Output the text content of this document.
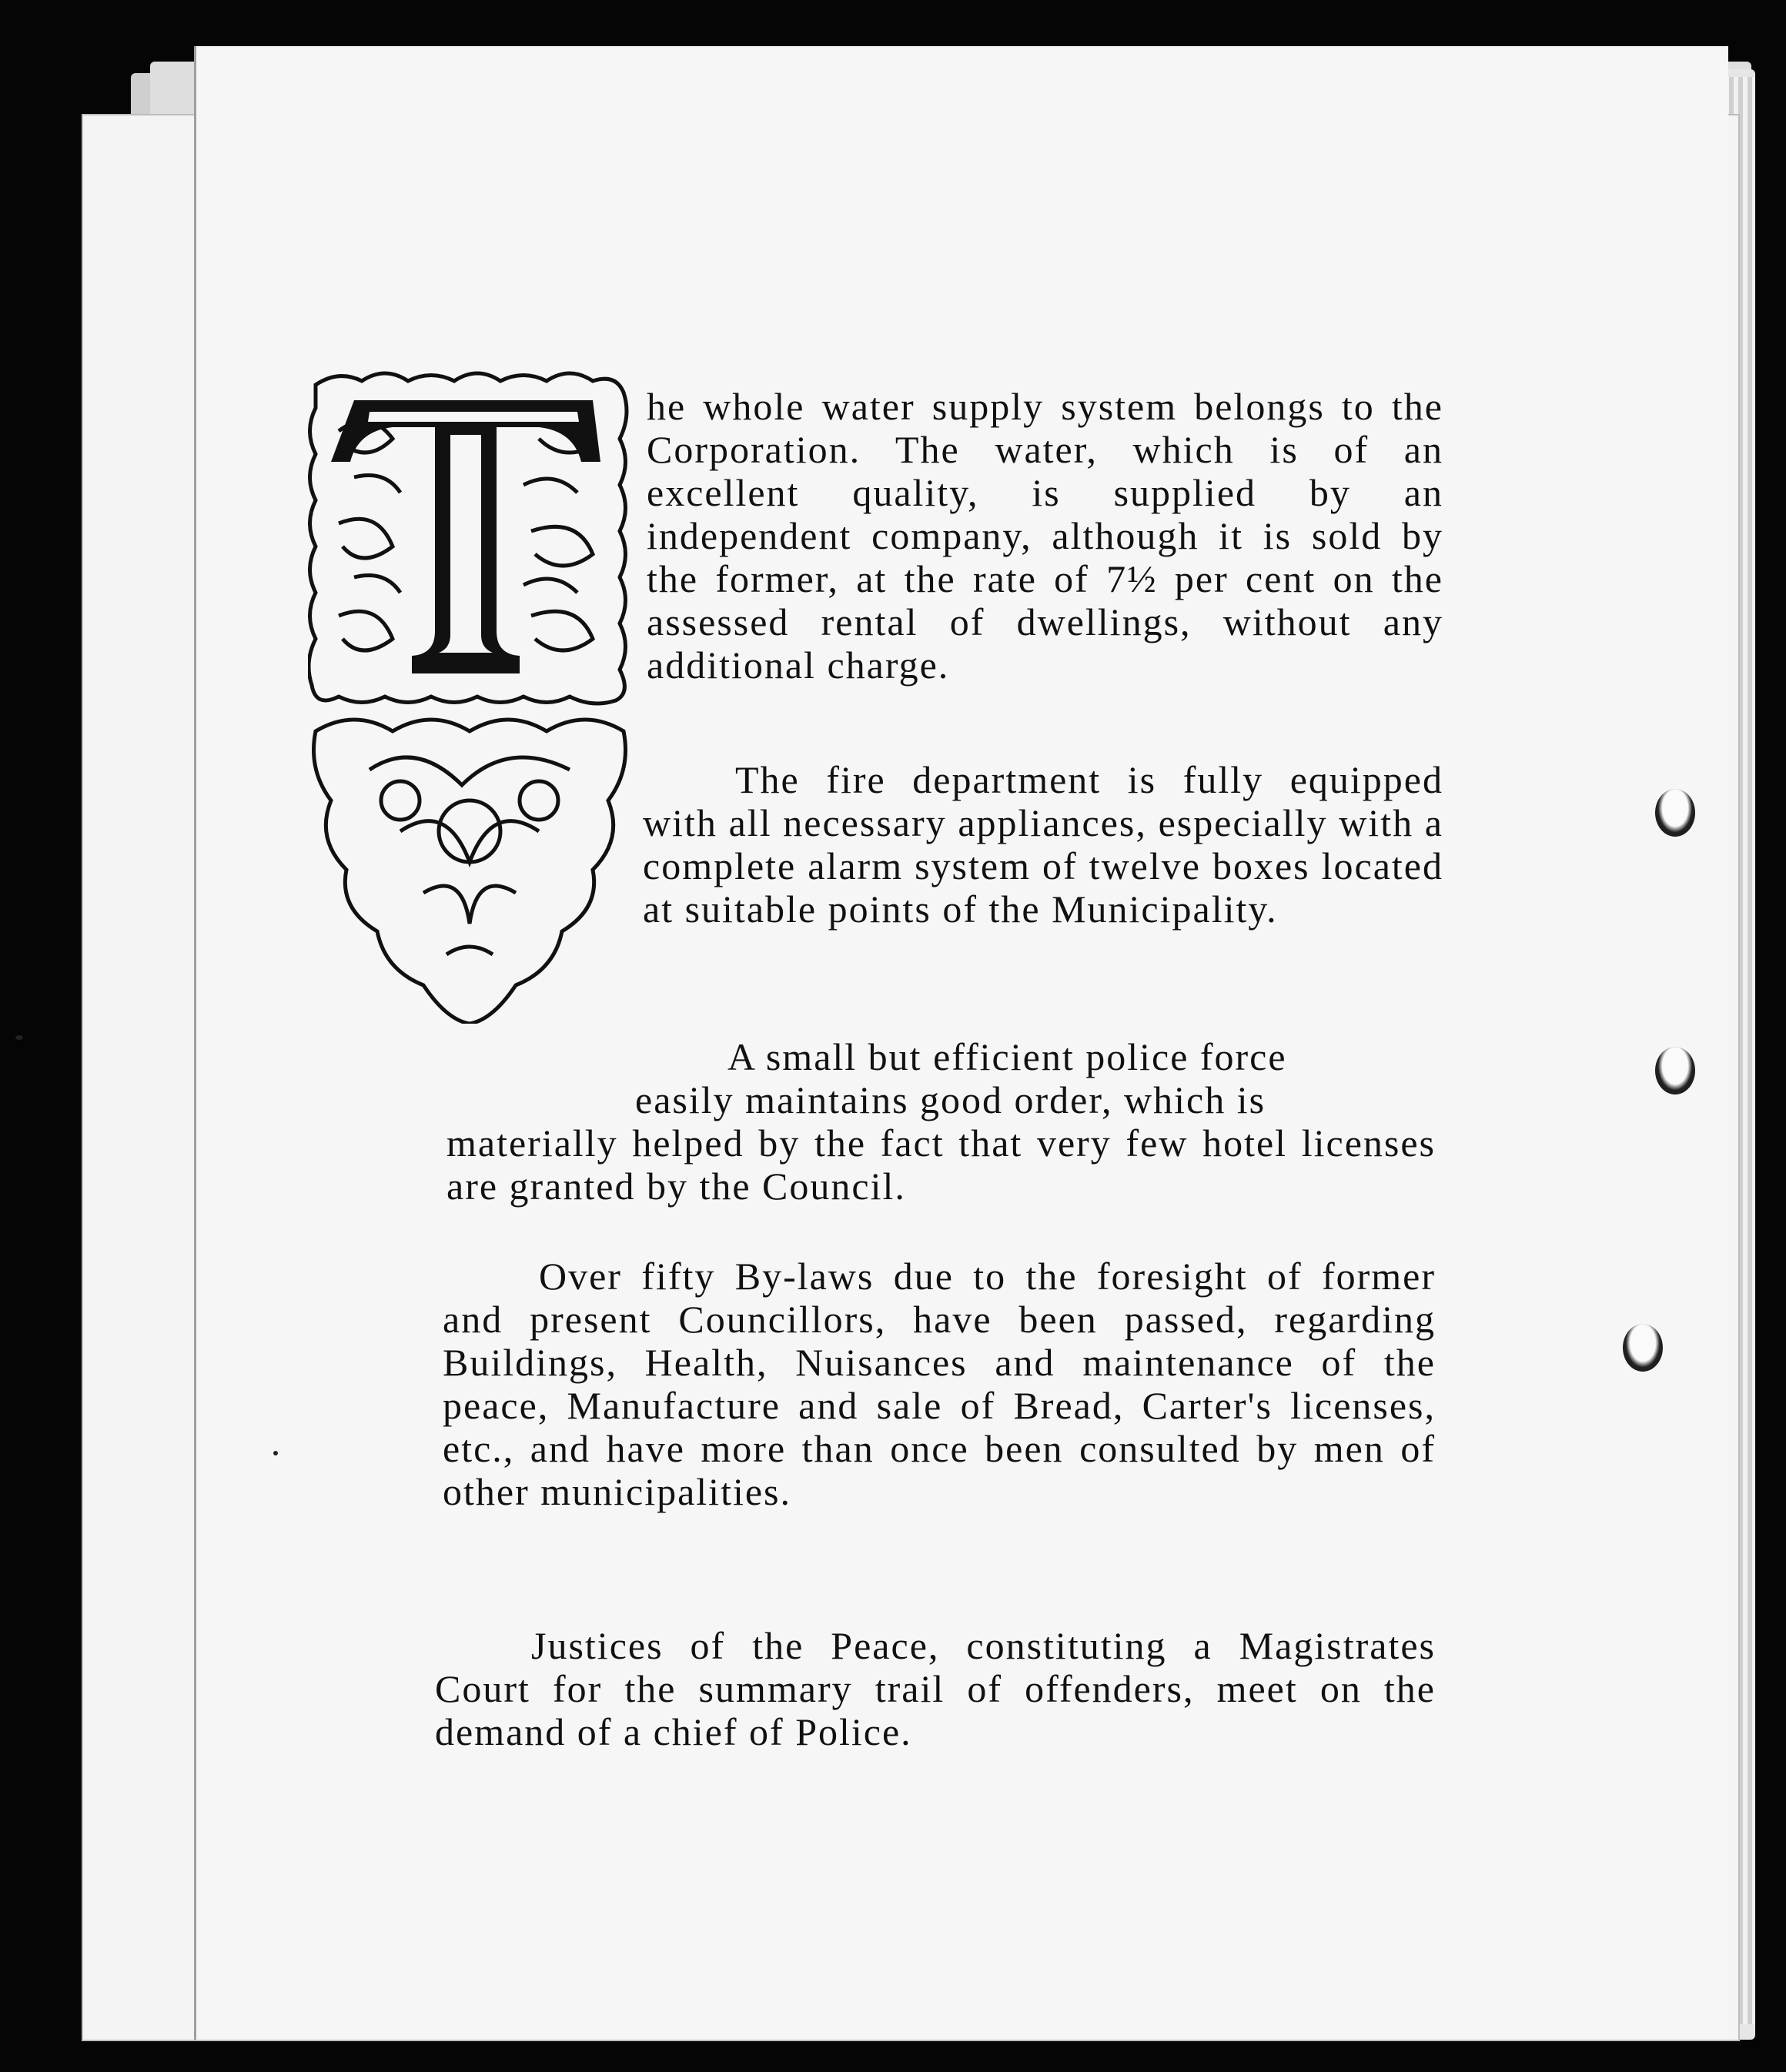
he whole water supply system belongs to the Corporation. The water, which is of an excellent quality, is supplied by an independent company, although it is sold by the former, at the rate of 7½ per cent on the assessed rental of dwellings, without any additional charge.

The fire department is fully equipped with all necessary appliances, especially with a complete alarm system of twelve boxes located at suitable points of the Municipality.

A small but efficient police force
easily maintains good order, which is
materially helped by the fact that very few hotel licenses are granted by the Council.

Over fifty By-laws due to the foresight of former and present Councillors, have been passed, regarding Buildings, Health, Nuisances and maintenance of the peace, Manufacture and sale of Bread, Carter's licenses, etc., and have more than once been consulted by men of other municipalities.

Justices of the Peace, constituting a Magistrates Court for the summary trail of offenders, meet on the demand of a chief of Police.
